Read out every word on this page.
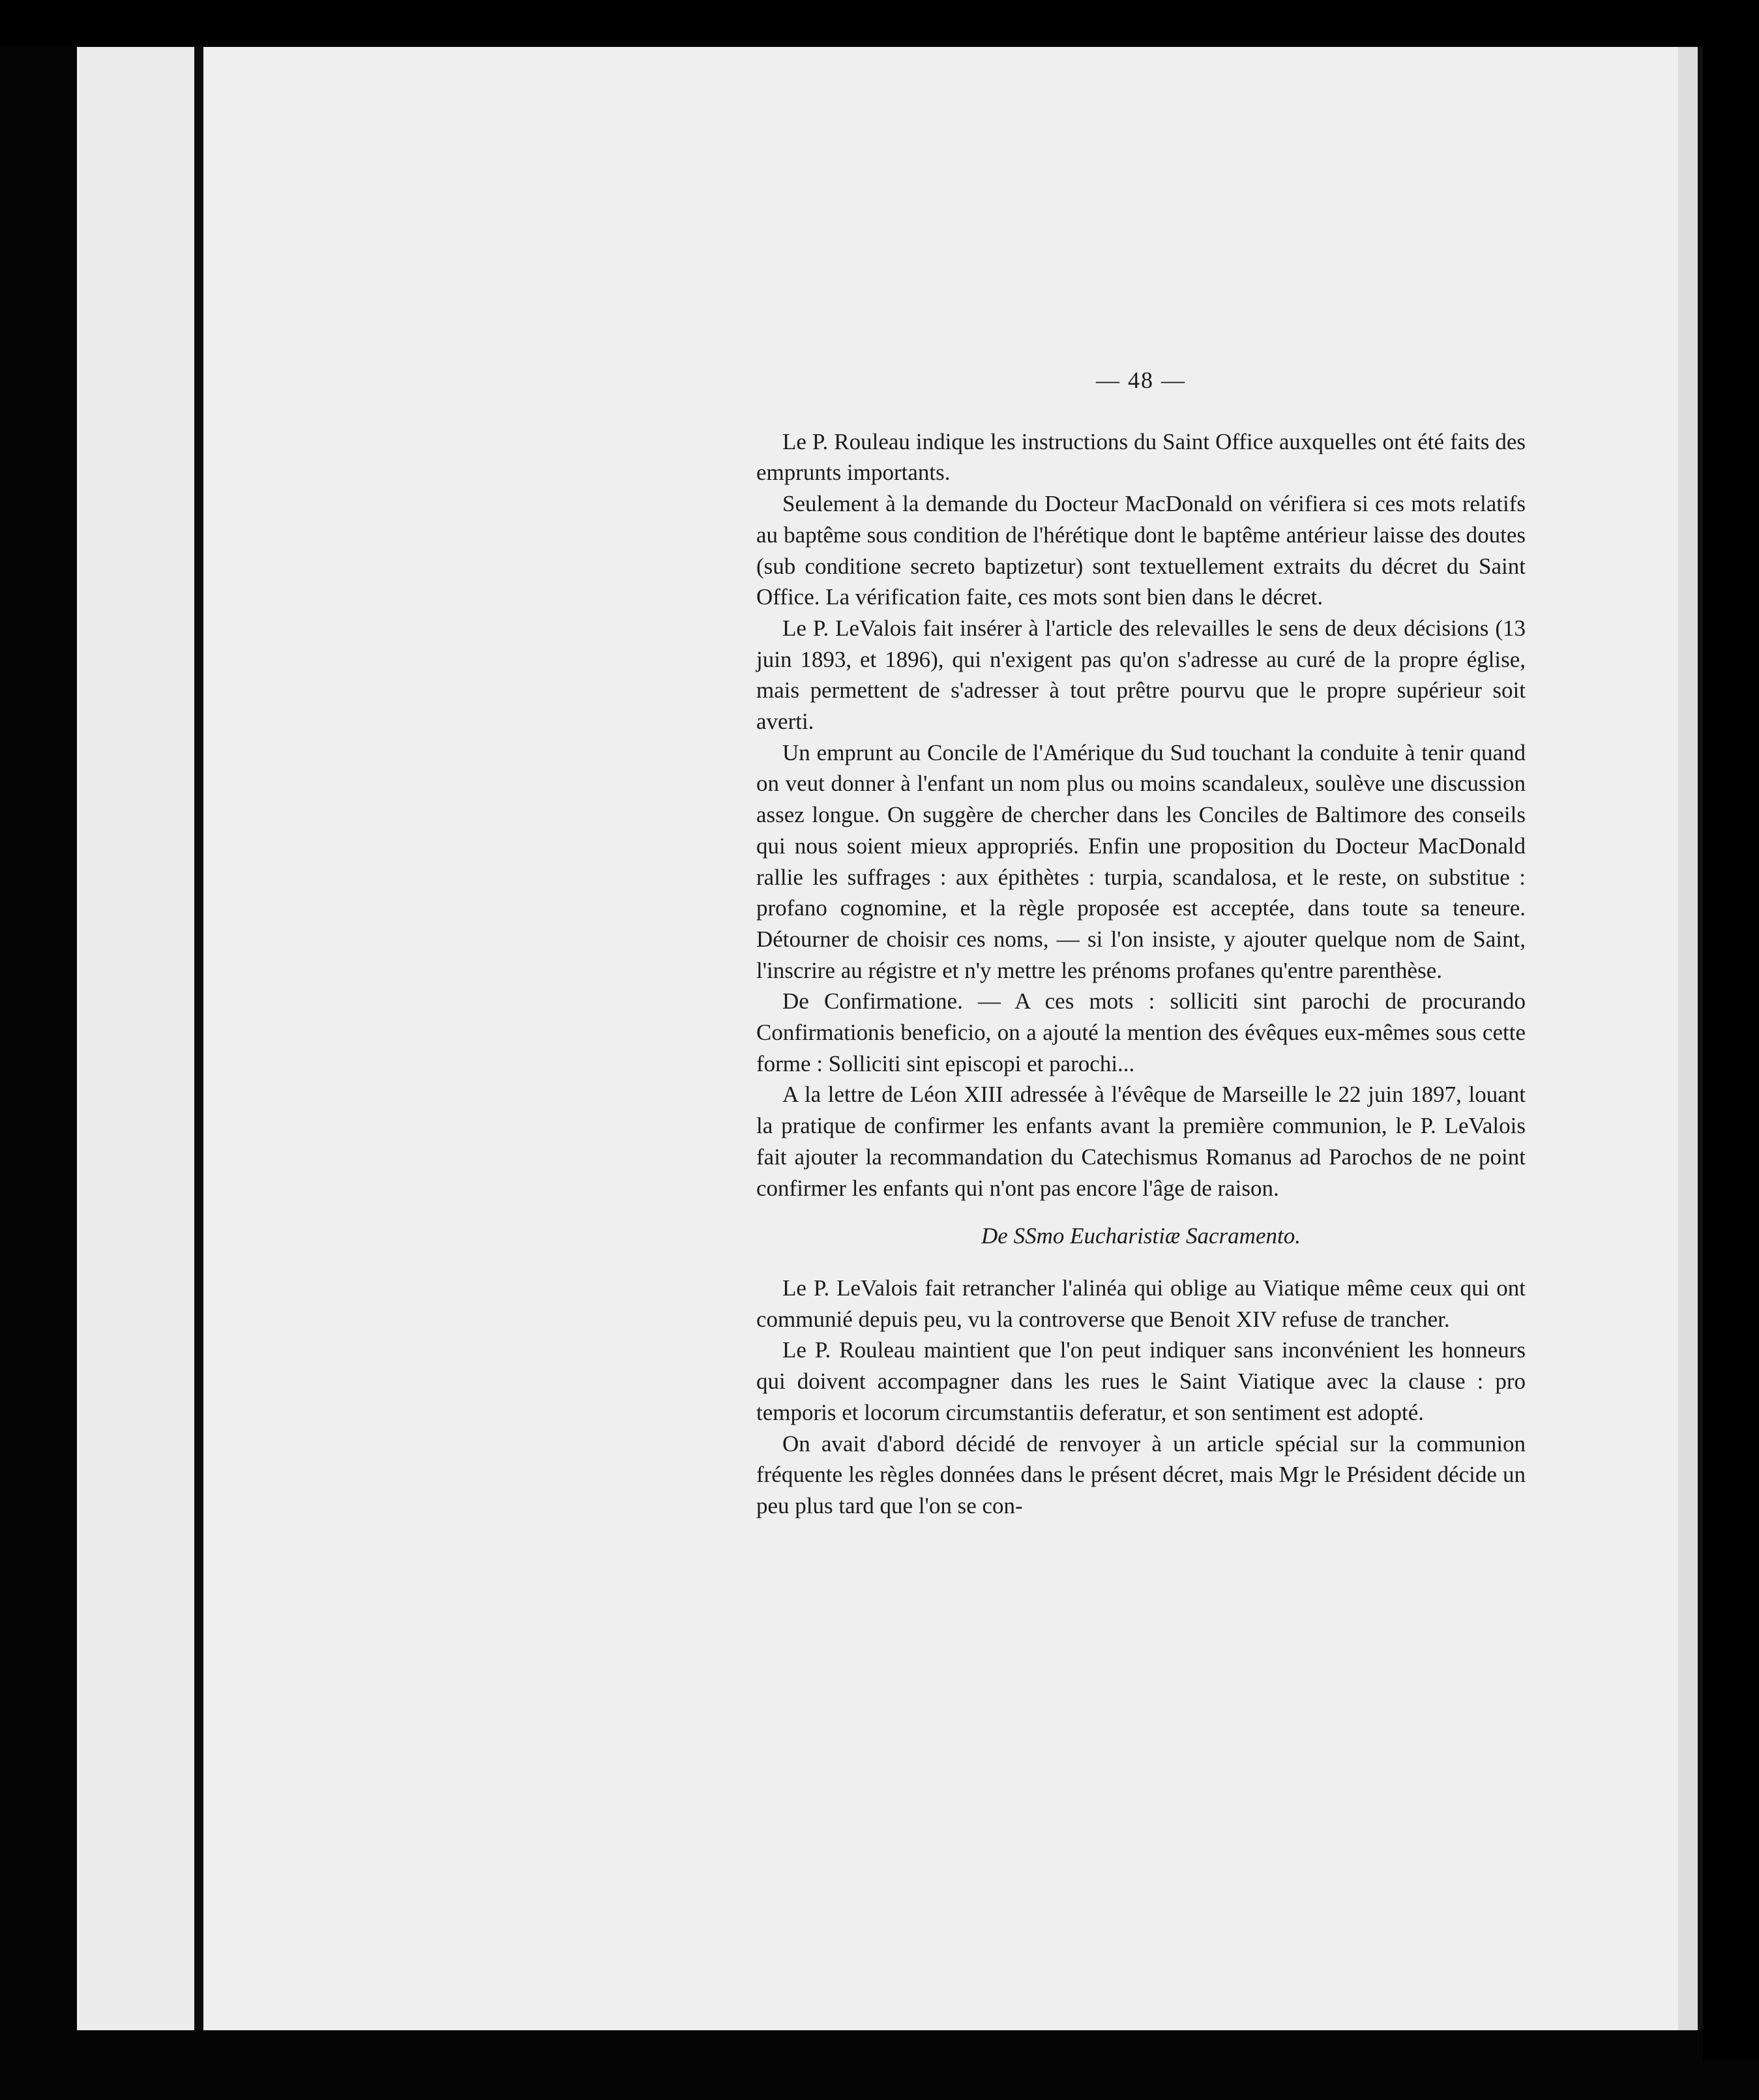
— 48 —

Le P. Rouleau indique les instructions du Saint Office auxquelles ont été faits des emprunts importants.

Seulement à la demande du Docteur MacDonald on vérifiera si ces mots relatifs au baptême sous condition de l'hérétique dont le baptême antérieur laisse des doutes (sub conditione secreto baptizetur) sont textuellement extraits du décret du Saint Office. La vérification faite, ces mots sont bien dans le décret.

Le P. LeValois fait insérer à l'article des relevailles le sens de deux décisions (13 juin 1893, et 1896), qui n'exigent pas qu'on s'adresse au curé de la propre église, mais permettent de s'adresser à tout prêtre pourvu que le propre supérieur soit averti.

Un emprunt au Concile de l'Amérique du Sud touchant la conduite à tenir quand on veut donner à l'enfant un nom plus ou moins scandaleux, soulève une discussion assez longue. On suggère de chercher dans les Conciles de Baltimore des conseils qui nous soient mieux appropriés. Enfin une proposition du Docteur MacDonald rallie les suffrages : aux épithètes : turpia, scandalosa, et le reste, on substitue : profano cognomine, et la règle proposée est acceptée, dans toute sa teneure. Détourner de choisir ces noms, — si l'on insiste, y ajouter quelque nom de Saint, l'inscrire au régistre et n'y mettre les prénoms profanes qu'entre parenthèse.

De Confirmatione. — A ces mots : solliciti sint parochi de procurando Confirmationis beneficio, on a ajouté la mention des évêques eux-mêmes sous cette forme : Solliciti sint episcopi et parochi...

A la lettre de Léon XIII adressée à l'évêque de Marseille le 22 juin 1897, louant la pratique de confirmer les enfants avant la première communion, le P. LeValois fait ajouter la recommandation du Catechismus Romanus ad Parochos de ne point confirmer les enfants qui n'ont pas encore l'âge de raison.

De SSmo Eucharistiæ Sacramento.

Le P. LeValois fait retrancher l'alinéa qui oblige au Viatique même ceux qui ont communié depuis peu, vu la controverse que Benoit XIV refuse de trancher.

Le P. Rouleau maintient que l'on peut indiquer sans inconvénient les honneurs qui doivent accompagner dans les rues le Saint Viatique avec la clause : pro temporis et locorum circumstantiis deferatur, et son sentiment est adopté.

On avait d'abord décidé de renvoyer à un article spécial sur la communion fréquente les règles données dans le présent décret, mais Mgr le Président décide un peu plus tard que l'on se con-
